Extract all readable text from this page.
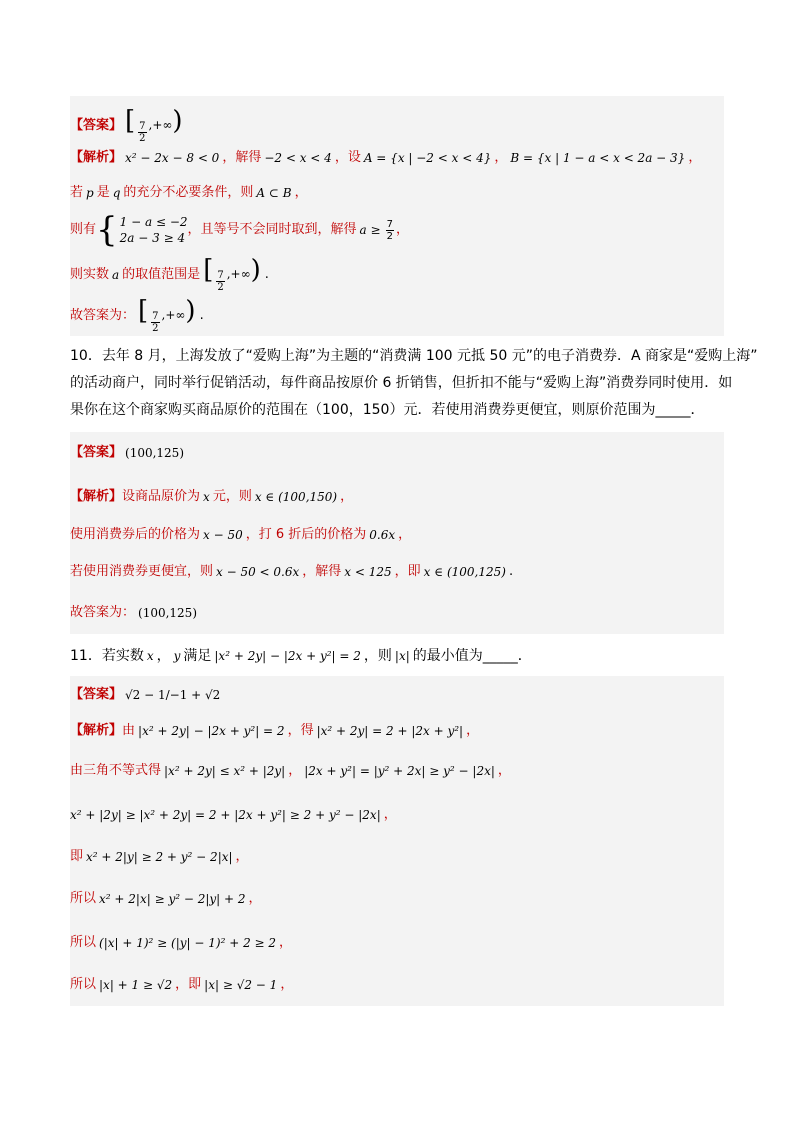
【答案】 [ $\frac{7}{2}$ ,+∞)
【解析】 x² − 2x − 8 < 0 ，解得 −2 < x < 4 ，设 A = {x | −2 < x < 4} ， B = {x | 1 − a < x < 2a − 3} ，
若 p 是 q 的充分不必要条件，则 A ⊂ B ，
则有 { 1 − a ≤ −2
2a − 3 ≥ 4
，且等号不会同时取到，解得 $a \ge \frac{7}{2}$ ，
则实数 a 的取值范围是 [ $\frac{7}{2}$ ,+∞) .
故答案为： [ $\frac{7}{2}$ ,+∞) .
10．去年 8 月，上海发放了“爱购上海”为主题的“消费满 100 元抵 50 元”的电子消费券．A 商家是“爱购上海”
的活动商户，同时举行促销活动，每件商品按原价 6 折销售，但折扣不能与“爱购上海”消费券同时使用．如
果你在这个商家购买商品原价的范围在（100，150）元．若使用消费券更便宜，则原价范围为_____．
【答案】 (100,125)
【解析】 设商品原价为 x 元，则 x ∈ (100,150) ，
使用消费券后的价格为 x − 50 ，打 6 折后的价格为 0.6x ，
若使用消费券更便宜，则 x − 50 < 0.6x ，解得 x < 125 ，即 x ∈ (100,125) .
故答案为： (100,125)
11．若实数 x ， y 满足 |x² + 2y| − |2x + y²| = 2 ，则 |x| 的最小值为_____．
【答案】 √2 − 1/−1 + √2
【解析】 由 |x² + 2y| − |2x + y²| = 2 ，得 |x² + 2y| = 2 + |2x + y²| ，
由三角不等式得 |x² + 2y| ≤ x² + |2y| ， |2x + y²| = |y² + 2x| ≥ y² − |2x| ，
x² + |2y| ≥ |x² + 2y| = 2 + |2x + y²| ≥ 2 + y² − |2x| ，
即 x² + 2|y| ≥ 2 + y² − 2|x| ，
所以 x² + 2|x| ≥ y² − 2|y| + 2 ，
所以 (|x| + 1)² ≥ (|y| − 1)² + 2 ≥ 2 ，
所以 |x| + 1 ≥ √2 ，即 |x| ≥ √2 − 1 ，
